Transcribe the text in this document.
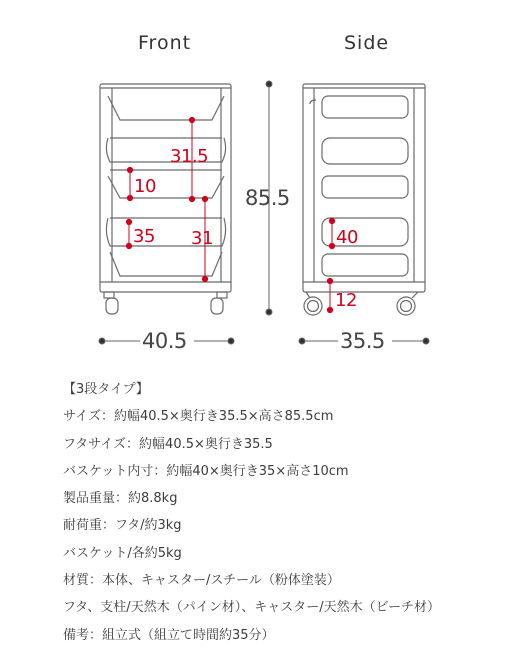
Front	Side
85.5
40.5	35.5
31.5
10
35 31	40
12
【3段タイプ】
サイズ：約幅40.5×奥行き35.5×高さ85.5cm
フタサイズ：約幅40.5×奥行き35.5
バスケット内寸：約幅40×奥行き35×高さ10cm
製品重量：約8.8kg
耐荷重：フタ/約3kg
バスケット/各約5kg
材質：本体、キャスター/スチール（粉体塗装）
フタ、支柱/天然木（パイン材）、キャスター/天然木（ビーチ材）
備考：組立式（組立て時間約35分）
